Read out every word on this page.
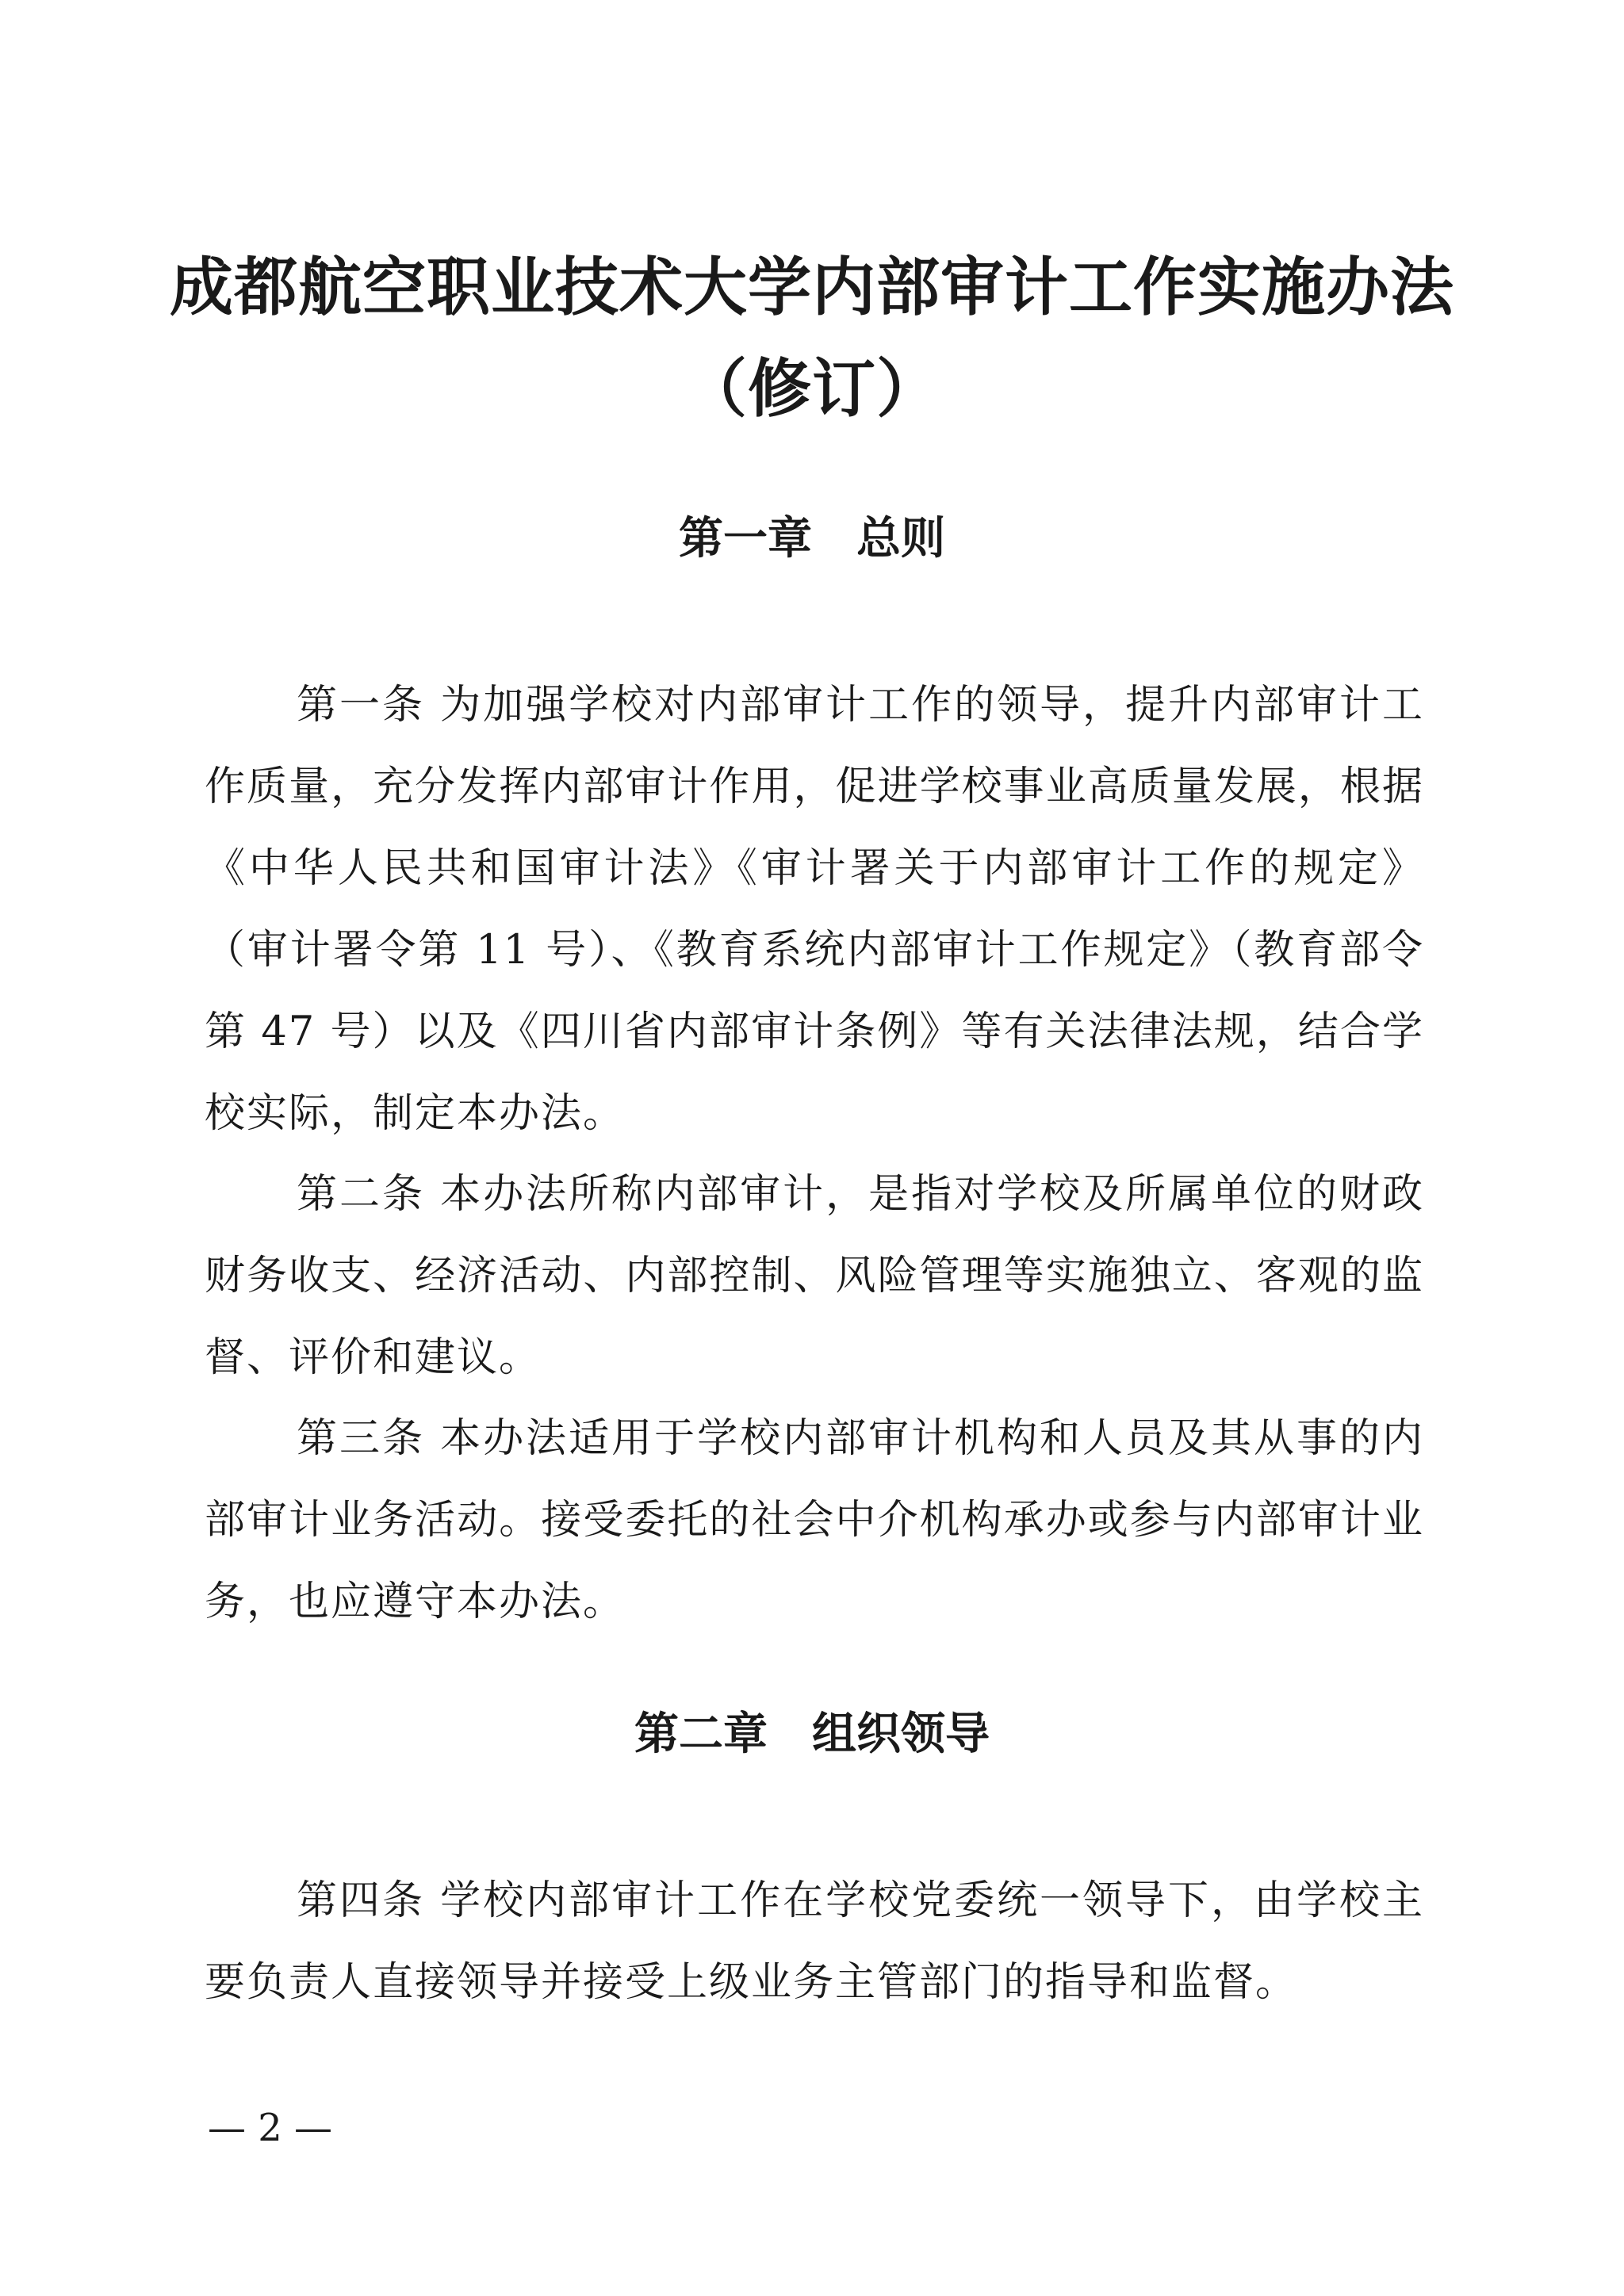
成都航空职业技术大学内部审计工作实施办法
（修订）
第一章　总则

第一条 为加强学校对内部审计工作的领导，提升内部审计工作质量，充分发挥内部审计作用，促进学校事业高质量发展，根据《中华人民共和国审计法》《审计署关于内部审计工作的规定》（审计署令第 11 号）、《教育系统内部审计工作规定》（教育部令第 47 号）以及《四川省内部审计条例》等有关法律法规，结合学校实际，制定本办法。

第二条 本办法所称内部审计，是指对学校及所属单位的财政财务收支、经济活动、内部控制、风险管理等实施独立、客观的监督、评价和建议。

第三条 本办法适用于学校内部审计机构和人员及其从事的内部审计业务活动。接受委托的社会中介机构承办或参与内部审计业务，也应遵守本办法。

第二章　组织领导

第四条 学校内部审计工作在学校党委统一领导下，由学校主要负责人直接领导并接受上级业务主管部门的指导和监督。

— 2 —
